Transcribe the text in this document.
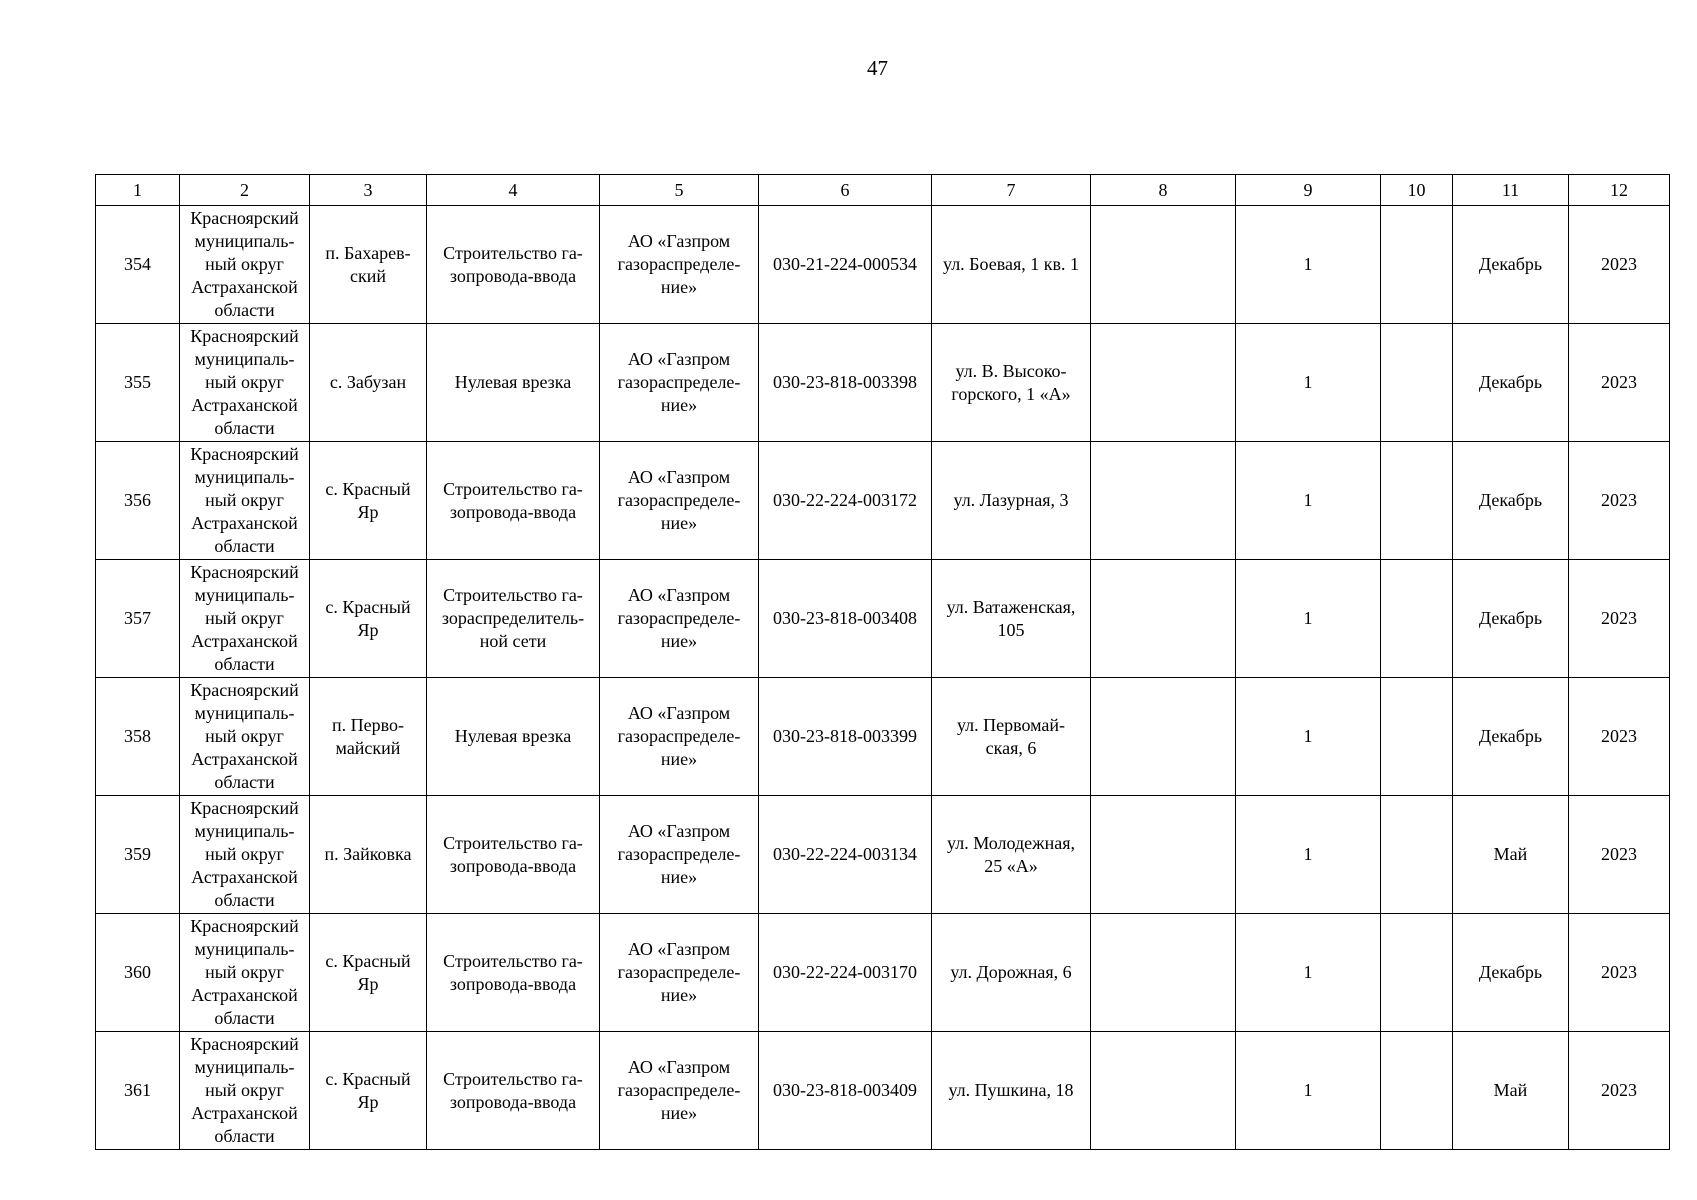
47
1	2	3	4	5	6	7	8	9	10	11	12
354	Красноярский
муниципаль-
ный округ
Астраханской
области	п. Бахарев-
ский	Строительство га-
зопровода-ввода	АО «Газпром
газораспределе-
ние»	030-21-224-000534	ул. Боевая, 1 кв. 1		1		Декабрь	2023
355	Красноярский
муниципаль-
ный округ
Астраханской
области	с. Забузан	Нулевая врезка	АО «Газпром
газораспределе-
ние»	030-23-818-003398	ул. В. Высоко-
горского, 1 «А»		1		Декабрь	2023
356	Красноярский
муниципаль-
ный округ
Астраханской
области	с. Красный
Яр	Строительство га-
зопровода-ввода	АО «Газпром
газораспределе-
ние»	030-22-224-003172	ул. Лазурная, 3		1		Декабрь	2023
357	Красноярский
муниципаль-
ный округ
Астраханской
области	с. Красный
Яр	Строительство га-
зораспределитель-
ной сети	АО «Газпром
газораспределе-
ние»	030-23-818-003408	ул. Ватаженская,
105		1		Декабрь	2023
358	Красноярский
муниципаль-
ный округ
Астраханской
области	п. Перво-
майский	Нулевая врезка	АО «Газпром
газораспределе-
ние»	030-23-818-003399	ул. Первомай-
ская, 6		1		Декабрь	2023
359	Красноярский
муниципаль-
ный округ
Астраханской
области	п. Зайковка	Строительство га-
зопровода-ввода	АО «Газпром
газораспределе-
ние»	030-22-224-003134	ул. Молодежная,
25 «А»		1		Май	2023
360	Красноярский
муниципаль-
ный округ
Астраханской
области	с. Красный
Яр	Строительство га-
зопровода-ввода	АО «Газпром
газораспределе-
ние»	030-22-224-003170	ул. Дорожная, 6		1		Декабрь	2023
361	Красноярский
муниципаль-
ный округ
Астраханской
области	с. Красный
Яр	Строительство га-
зопровода-ввода	АО «Газпром
газораспределе-
ние»	030-23-818-003409	ул. Пушкина, 18		1		Май	2023
